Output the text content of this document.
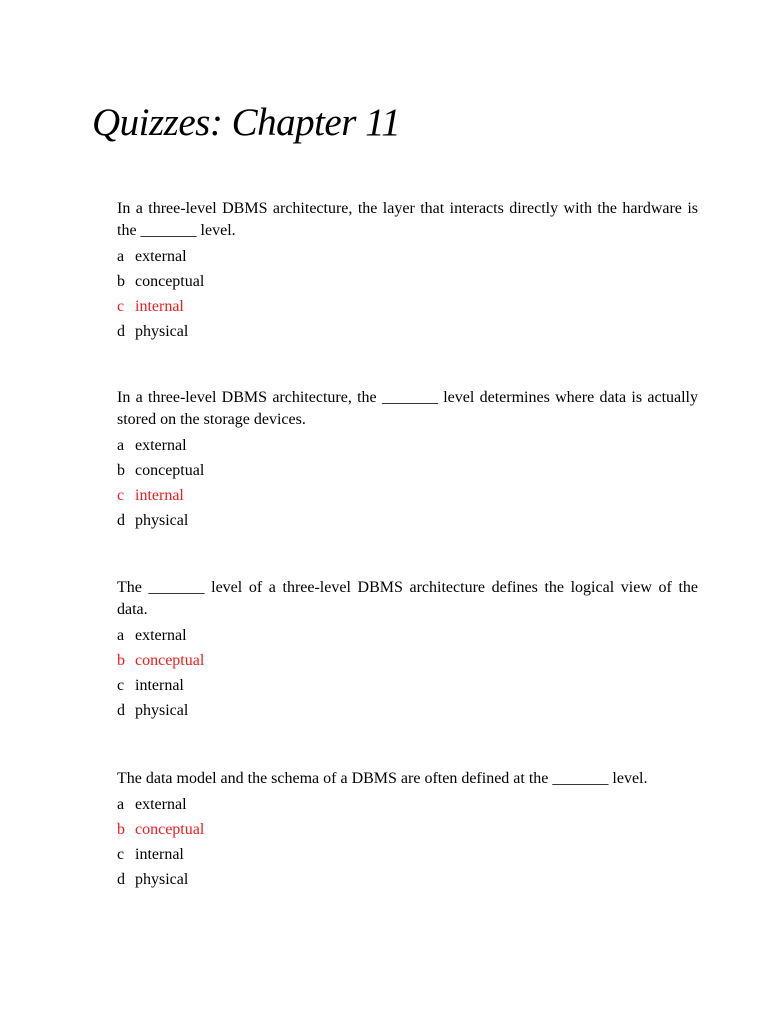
Quizzes: Chapter 11

In a three-level DBMS architecture, the layer that interacts directly with the hardware is the _______ level.

a external
b conceptual
c internal
d physical

In a three-level DBMS architecture, the _______ level determines where data is actually stored on the storage devices.

a external
b conceptual
c internal
d physical

The _______ level of a three-level DBMS architecture defines the logical view of the data.

a external
b conceptual
c internal
d physical

The data model and the schema of a DBMS are often defined at the _______ level.

a external
b conceptual
c internal
d physical
